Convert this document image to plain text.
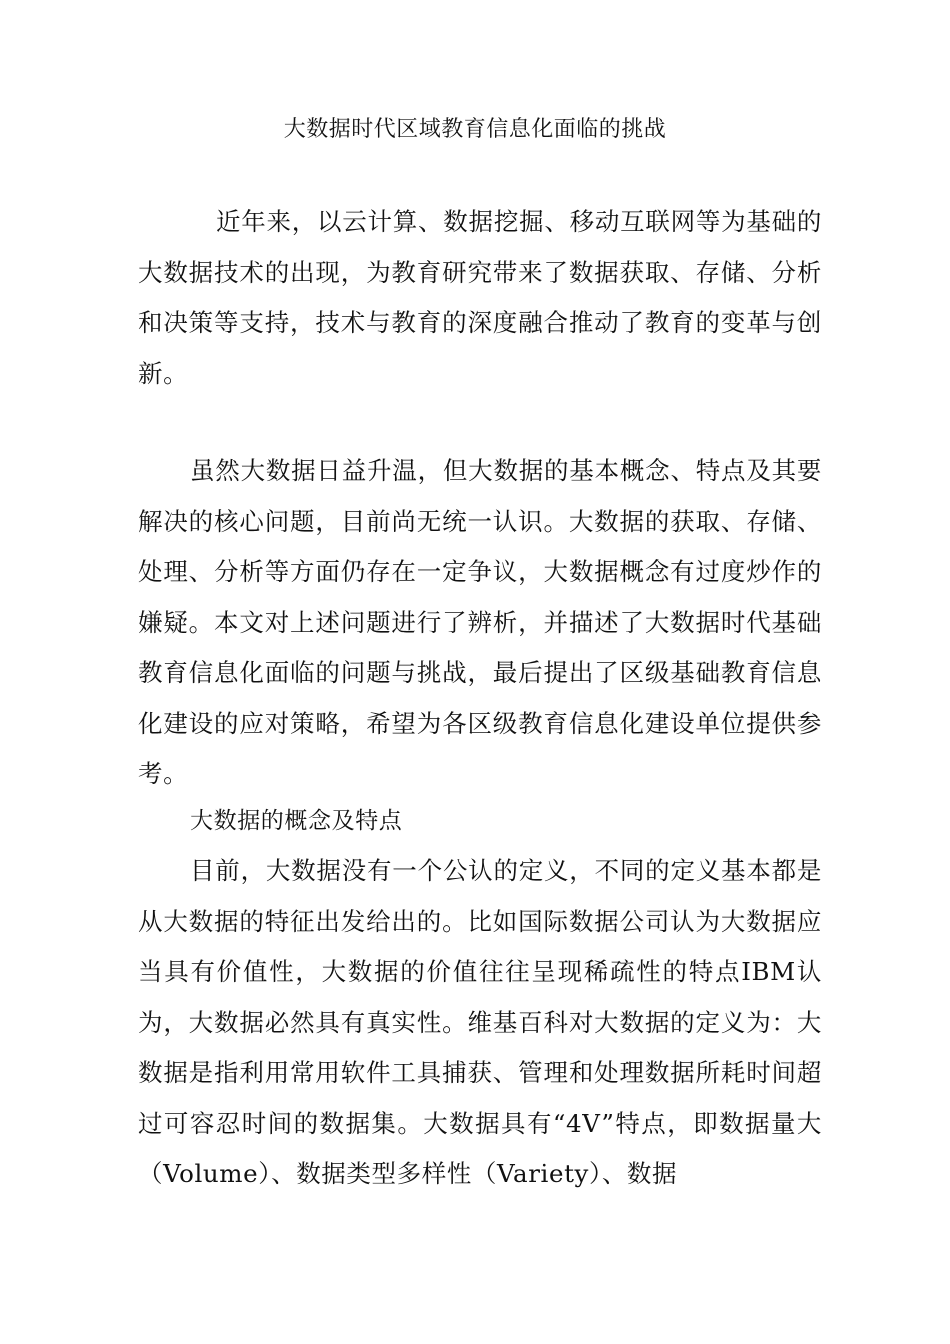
大数据时代区域教育信息化面临的挑战

近年来，以云计算、数据挖掘、移动互联网等为基础的大数据技术的出现，为教育研究带来了数据获取、存储、分析和决策等支持，技术与教育的深度融合推动了教育的变革与创新。

虽然大数据日益升温，但大数据的基本概念、特点及其要解决的核心问题，目前尚无统一认识。大数据的获取、存储、处理、分析等方面仍存在一定争议，大数据概念有过度炒作的嫌疑。本文对上述问题进行了辨析，并描述了大数据时代基础教育信息化面临的问题与挑战，最后提出了区级基础教育信息化建设的应对策略，希望为各区级教育信息化建设单位提供参考。

大数据的概念及特点

目前，大数据没有一个公认的定义，不同的定义基本都是从大数据的特征出发给出的。比如国际数据公司认为大数据应当具有价值性，大数据的价值往往呈现稀疏性的特点IBM认为，大数据必然具有真实性。维基百科对大数据的定义为：大数据是指利用常用软件工具捕获、管理和处理数据所耗时间超过可容忍时间的数据集。大数据具有“4V”特点，即数据量大（Volume）、数据类型多样性（Variety）、数据
